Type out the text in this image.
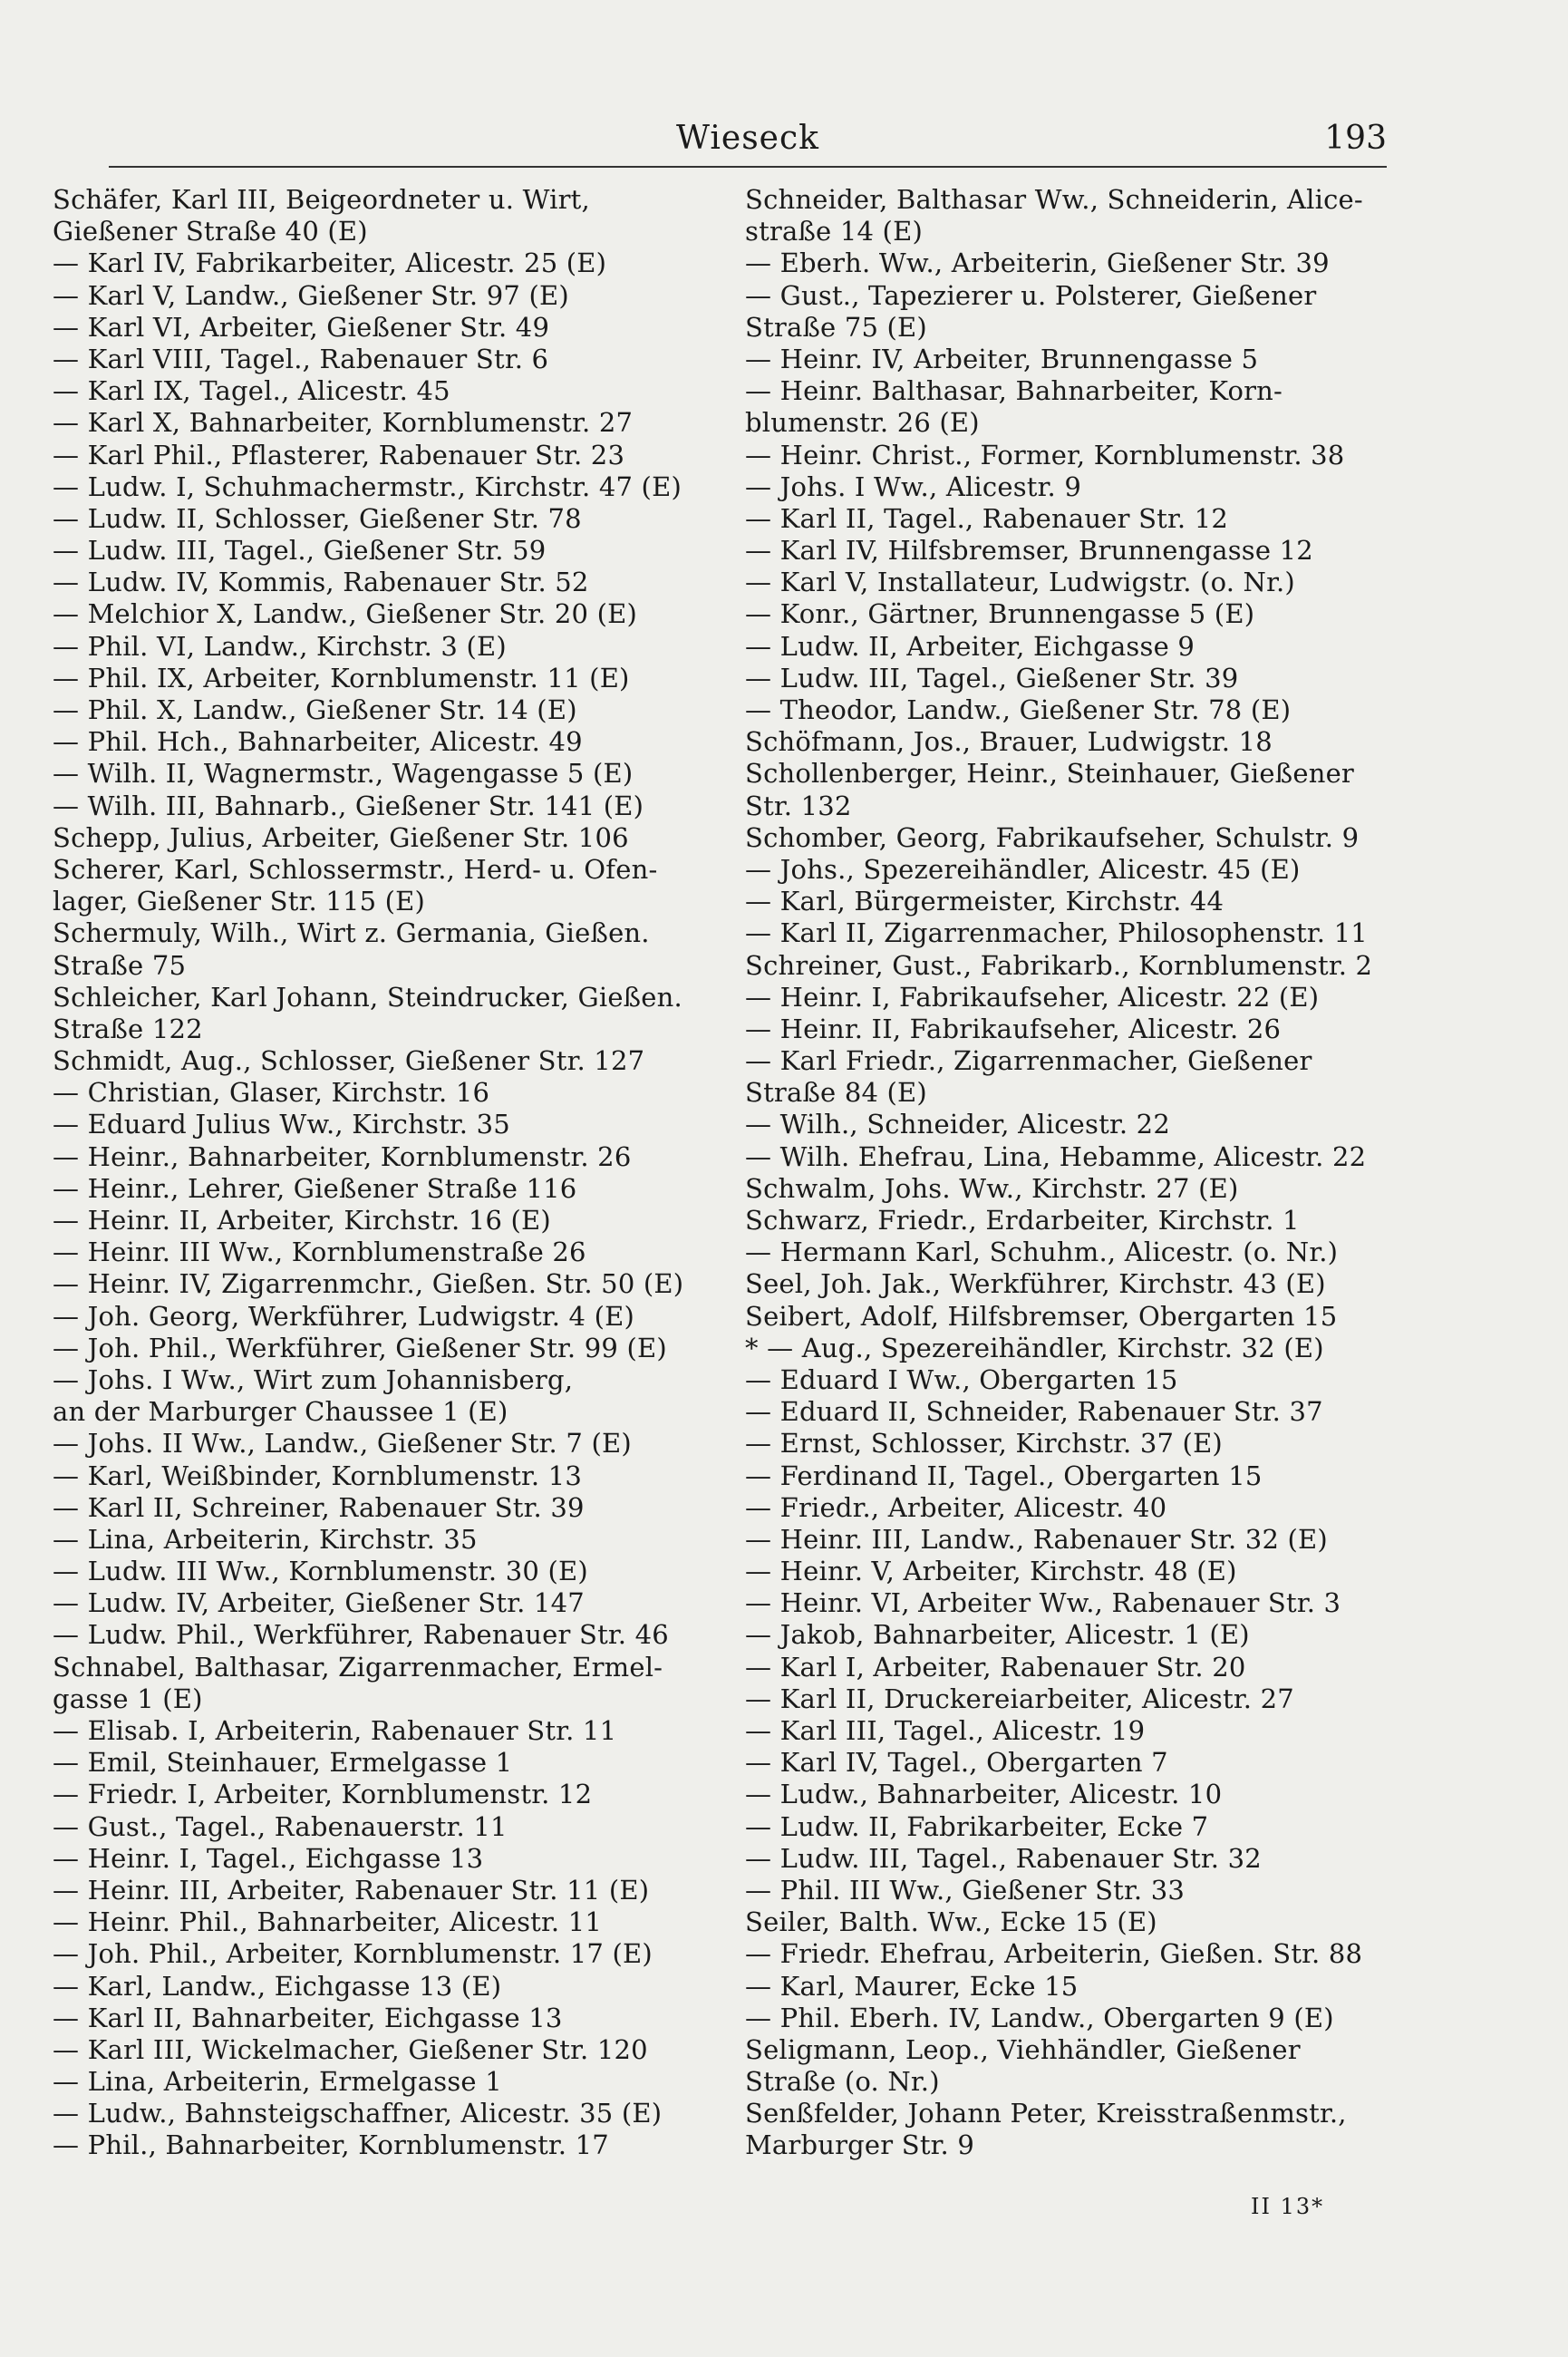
Wieseck	193
Schäfer, Karl III, Beigeordneter u. Wirt,
Gießener Straße 40 (E)
— Karl IV, Fabrikarbeiter, Alicestr. 25 (E)
— Karl V, Landw., Gießener Str. 97 (E)
— Karl VI, Arbeiter, Gießener Str. 49
— Karl VIII, Tagel., Rabenauer Str. 6
— Karl IX, Tagel., Alicestr. 45
— Karl X, Bahnarbeiter, Kornblumenstr. 27
— Karl Phil., Pflasterer, Rabenauer Str. 23
— Ludw. I, Schuhmachermstr., Kirchstr. 47 (E)
— Ludw. II, Schlosser, Gießener Str. 78
— Ludw. III, Tagel., Gießener Str. 59
— Ludw. IV, Kommis, Rabenauer Str. 52
— Melchior X, Landw., Gießener Str. 20 (E)
— Phil. VI, Landw., Kirchstr. 3 (E)
— Phil. IX, Arbeiter, Kornblumenstr. 11 (E)
— Phil. X, Landw., Gießener Str. 14 (E)
— Phil. Hch., Bahnarbeiter, Alicestr. 49
— Wilh. II, Wagnermstr., Wagengasse 5 (E)
— Wilh. III, Bahnarb., Gießener Str. 141 (E)
Schepp, Julius, Arbeiter, Gießener Str. 106
Scherer, Karl, Schlossermstr., Herd- u. Ofen-
lager, Gießener Str. 115 (E)
Schermuly, Wilh., Wirt z. Germania, Gießen.
Straße 75
Schleicher, Karl Johann, Steindrucker, Gießen.
Straße 122
Schmidt, Aug., Schlosser, Gießener Str. 127
— Christian, Glaser, Kirchstr. 16
— Eduard Julius Ww., Kirchstr. 35
— Heinr., Bahnarbeiter, Kornblumenstr. 26
— Heinr., Lehrer, Gießener Straße 116
— Heinr. II, Arbeiter, Kirchstr. 16 (E)
— Heinr. III Ww., Kornblumenstraße 26
— Heinr. IV, Zigarrenmchr., Gießen. Str. 50 (E)
— Joh. Georg, Werkführer, Ludwigstr. 4 (E)
— Joh. Phil., Werkführer, Gießener Str. 99 (E)
— Johs. I Ww., Wirt zum Johannisberg,
an der Marburger Chaussee 1 (E)
— Johs. II Ww., Landw., Gießener Str. 7 (E)
— Karl, Weißbinder, Kornblumenstr. 13
— Karl II, Schreiner, Rabenauer Str. 39
— Lina, Arbeiterin, Kirchstr. 35
— Ludw. III Ww., Kornblumenstr. 30 (E)
— Ludw. IV, Arbeiter, Gießener Str. 147
— Ludw. Phil., Werkführer, Rabenauer Str. 46
Schnabel, Balthasar, Zigarrenmacher, Ermel-
gasse 1 (E)
— Elisab. I, Arbeiterin, Rabenauer Str. 11
— Emil, Steinhauer, Ermelgasse 1
— Friedr. I, Arbeiter, Kornblumenstr. 12
— Gust., Tagel., Rabenauerstr. 11
— Heinr. I, Tagel., Eichgasse 13
— Heinr. III, Arbeiter, Rabenauer Str. 11 (E)
— Heinr. Phil., Bahnarbeiter, Alicestr. 11
— Joh. Phil., Arbeiter, Kornblumenstr. 17 (E)
— Karl, Landw., Eichgasse 13 (E)
— Karl II, Bahnarbeiter, Eichgasse 13
— Karl III, Wickelmacher, Gießener Str. 120
— Lina, Arbeiterin, Ermelgasse 1
— Ludw., Bahnsteigschaffner, Alicestr. 35 (E)
— Phil., Bahnarbeiter, Kornblumenstr. 17
Schneider, Balthasar Ww., Schneiderin, Alice-
straße 14 (E)
— Eberh. Ww., Arbeiterin, Gießener Str. 39
— Gust., Tapezierer u. Polsterer, Gießener
Straße 75 (E)
— Heinr. IV, Arbeiter, Brunnengasse 5
— Heinr. Balthasar, Bahnarbeiter, Korn-
blumenstr. 26 (E)
— Heinr. Christ., Former, Kornblumenstr. 38
— Johs. I Ww., Alicestr. 9
— Karl II, Tagel., Rabenauer Str. 12
— Karl IV, Hilfsbremser, Brunnengasse 12
— Karl V, Installateur, Ludwigstr. (o. Nr.)
— Konr., Gärtner, Brunnengasse 5 (E)
— Ludw. II, Arbeiter, Eichgasse 9
— Ludw. III, Tagel., Gießener Str. 39
— Theodor, Landw., Gießener Str. 78 (E)
Schöfmann, Jos., Brauer, Ludwigstr. 18
Schollenberger, Heinr., Steinhauer, Gießener
Str. 132
Schomber, Georg, Fabrikaufseher, Schulstr. 9
— Johs., Spezereihändler, Alicestr. 45 (E)
— Karl, Bürgermeister, Kirchstr. 44
— Karl II, Zigarrenmacher, Philosophenstr. 11
Schreiner, Gust., Fabrikarb., Kornblumenstr. 2
— Heinr. I, Fabrikaufseher, Alicestr. 22 (E)
— Heinr. II, Fabrikaufseher, Alicestr. 26
— Karl Friedr., Zigarrenmacher, Gießener
Straße 84 (E)
— Wilh., Schneider, Alicestr. 22
— Wilh. Ehefrau, Lina, Hebamme, Alicestr. 22
Schwalm, Johs. Ww., Kirchstr. 27 (E)
Schwarz, Friedr., Erdarbeiter, Kirchstr. 1
— Hermann Karl, Schuhm., Alicestr. (o. Nr.)
Seel, Joh. Jak., Werkführer, Kirchstr. 43 (E)
Seibert, Adolf, Hilfsbremser, Obergarten 15
* — Aug., Spezereihändler, Kirchstr. 32 (E)
— Eduard I Ww., Obergarten 15
— Eduard II, Schneider, Rabenauer Str. 37
— Ernst, Schlosser, Kirchstr. 37 (E)
— Ferdinand II, Tagel., Obergarten 15
— Friedr., Arbeiter, Alicestr. 40
— Heinr. III, Landw., Rabenauer Str. 32 (E)
— Heinr. V, Arbeiter, Kirchstr. 48 (E)
— Heinr. VI, Arbeiter Ww., Rabenauer Str. 3
— Jakob, Bahnarbeiter, Alicestr. 1 (E)
— Karl I, Arbeiter, Rabenauer Str. 20
— Karl II, Druckereiarbeiter, Alicestr. 27
— Karl III, Tagel., Alicestr. 19
— Karl IV, Tagel., Obergarten 7
— Ludw., Bahnarbeiter, Alicestr. 10
— Ludw. II, Fabrikarbeiter, Ecke 7
— Ludw. III, Tagel., Rabenauer Str. 32
— Phil. III Ww., Gießener Str. 33
Seiler, Balth. Ww., Ecke 15 (E)
— Friedr. Ehefrau, Arbeiterin, Gießen. Str. 88
— Karl, Maurer, Ecke 15
— Phil. Eberh. IV, Landw., Obergarten 9 (E)
Seligmann, Leop., Viehhändler, Gießener
Straße (o. Nr.)
Senßfelder, Johann Peter, Kreisstraßenmstr.,
Marburger Str. 9
II 13*
